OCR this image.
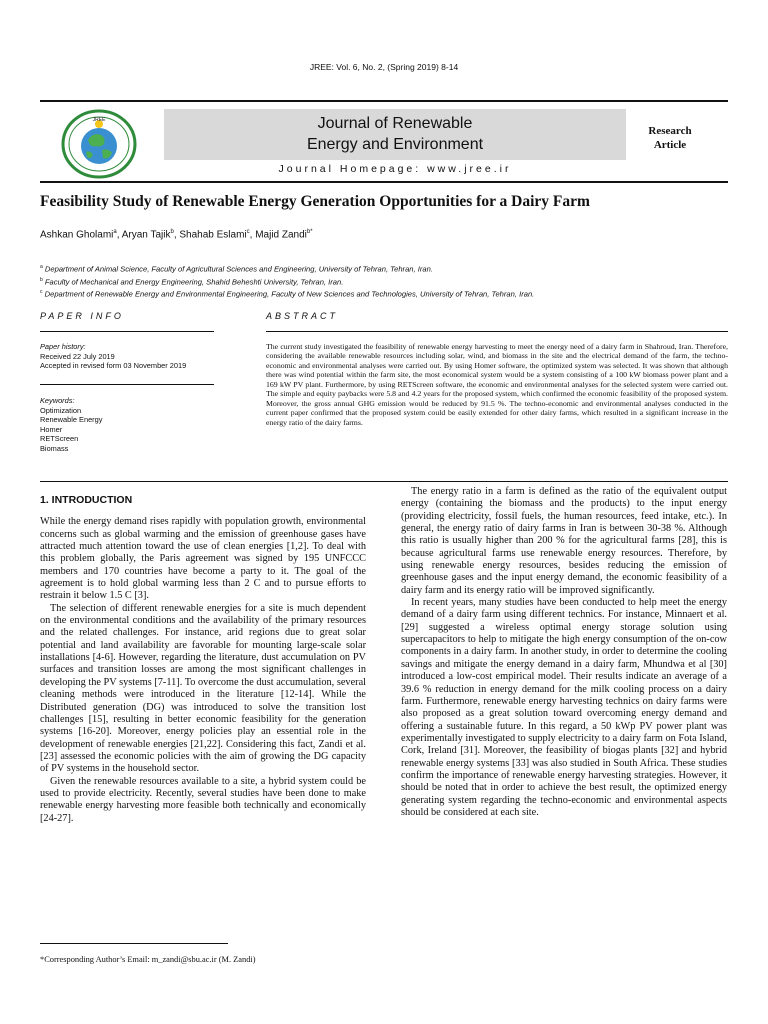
JREE: Vol. 6, No. 2, (Spring 2019) 8-14
JREE	Journal of Renewable
Energy and Environment
Journal Homepage: www.jree.ir
Research
Article
Feasibility Study of Renewable Energy Generation Opportunities for a Dairy Farm
Ashkan Gholami$^a$, Aryan Tajik$^b$, Shahab Eslami$^c$, Majid Zandi$^{b*}$
$^a$ Department of Animal Science, Faculty of Agricultural Sciences and Engineering, University of Tehran, Tehran, Iran.
$^b$ Faculty of Mechanical and Energy Engineering, Shahid Beheshti University, Tehran, Iran.
$^c$ Department of Renewable Energy and Environmental Engineering, Faculty of New Sciences and Technologies, University of Tehran, Tehran, Iran.
PAPER INFO	ABSTRACT
Paper history:
Received 22 July 2019
Accepted in revised form 03 November 2019
Keywords:
Optimization
Renewable Energy
Homer
RETScreen
Biomass
The current study investigated the feasibility of renewable energy harvesting to meet the energy need of a dairy farm in Shahroud, Iran. Therefore, considering the available renewable resources including solar, wind, and biomass in the site and the electrical demand of the farm, the techno-economic and environmental analyses were carried out. By using Homer software, the optimized system was selected. It was shown that although there was wind potential within the farm site, the most economical system would be a system consisting of a 100 kW biomass power plant and a 169 kW PV plant. Furthermore, by using RETScreen software, the economic and environmental analyses for the selected system were carried out. The simple and equity paybacks were 5.8 and 4.2 years for the proposed system, which confirmed the economic feasibility of the proposed system. Moreover, the gross annual GHG emission would be reduced by 91.5 %. The techno-economic and environmental analyses conducted in the current paper confirmed that the proposed system could be easily extended for other dairy farms, which resulted in a significant increase in the energy ratio of the dairy farms.
1. INTRODUCTION

While the energy demand rises rapidly with population growth, environmental concerns such as global warming and the emission of greenhouse gases have attracted much attention toward the use of clean energies [1,2]. To deal with this problem globally, the Paris agreement was signed by 195 UNFCCC members and 170 countries have become a party to it. The goal of the agreement is to hold global warming less than 2 C and to pursue efforts to restrain it below 1.5 C [3].

The selection of different renewable energies for a site is much dependent on the environmental conditions and the availability of the primary resources and the related challenges. For instance, arid regions due to great solar potential and land availability are favorable for mounting large-scale solar installations [4-6]. However, regarding the literature, dust accumulation on PV surfaces and transition losses are among the most significant challenges in developing the PV systems [7-11]. To overcome the dust accumulation, several cleaning methods were introduced in the literature [12-14]. While the Distributed generation (DG) was introduced to solve the transition lost challenges [15], resulting in better economic feasibility for the generation systems [16-20]. Moreover, energy policies play an essential role in the development of renewable energies [21,22]. Considering this fact, Zandi et al. [23] assessed the economic policies with the aim of growing the DG capacity of PV systems in the household sector.

Given the renewable resources available to a site, a hybrid system could be used to provide electricity. Recently, several studies have been done to make renewable energy harvesting more feasible both technically and economically [24-27].

The energy ratio in a farm is defined as the ratio of the equivalent output energy (containing the biomass and the products) to the input energy (providing electricity, fossil fuels, the human resources, feed intake, etc.). In general, the energy ratio of dairy farms in Iran is between 30-38 %. Although this ratio is usually higher than 200 % for the agricultural farms [28], this is because agricultural farms use renewable energy resources. Therefore, by using renewable energy resources, besides reducing the emission of greenhouse gases and the input energy demand, the economic feasibility of a dairy farm and its energy ratio will be improved significantly.

In recent years, many studies have been conducted to help meet the energy demand of a dairy farm using different technics. For instance, Minnaert et al. [29] suggested a wireless optimal energy storage solution using supercapacitors to help to mitigate the high energy consumption of the on-cow components in a dairy farm. In another study, in order to determine the cooling savings and mitigate the energy demand in a dairy farm, Mhundwa et al [30] introduced a low-cost empirical model. Their results indicate an average of a 39.6 % reduction in energy demand for the milk cooling process on a dairy farm. Furthermore, renewable energy harvesting technics on dairy farms were also proposed as a great solution toward overcoming energy demand and offering a sustainable future. In this regard, a 50 kWp PV power plant was experimentally investigated to supply electricity to a dairy farm on Fota Island, Cork, Ireland [31]. Moreover, the feasibility of biogas plants [32] and hybrid renewable energy systems [33] was also studied in South Africa. These studies confirm the importance of renewable energy harvesting strategies. However, it should be noted that in order to achieve the best result, the optimized energy generating system regarding the techno-economic and environmental aspects should be considered at each site.

*Corresponding Author’s Email: m_zandi@sbu.ac.ir (M. Zandi)
